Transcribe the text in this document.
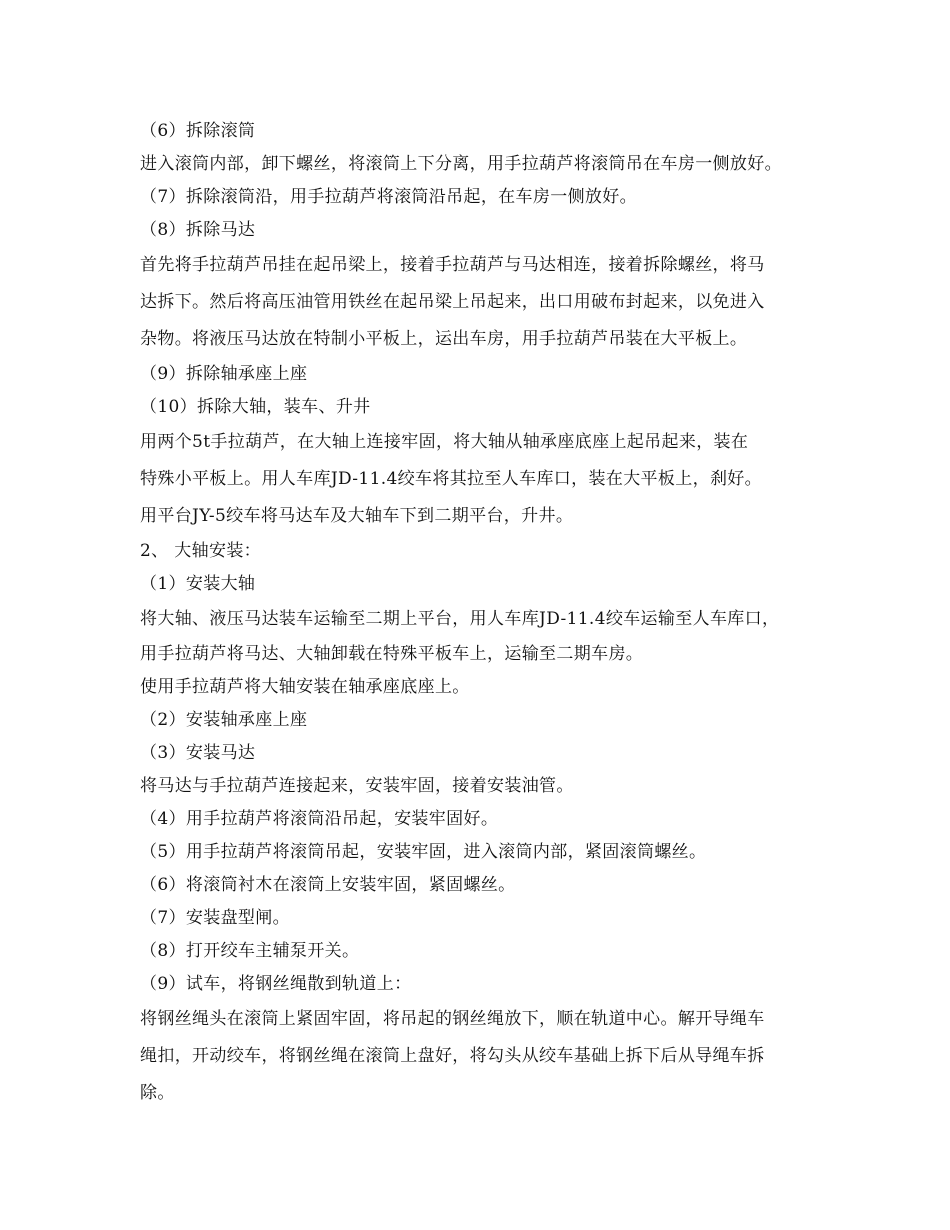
（6）拆除滚筒
进入滚筒内部，卸下螺丝，将滚筒上下分离，用手拉葫芦将滚筒吊在车房一侧放好。
（7）拆除滚筒沿，用手拉葫芦将滚筒沿吊起，在车房一侧放好。
（8）拆除马达
首先将手拉葫芦吊挂在起吊梁上，接着手拉葫芦与马达相连，接着拆除螺丝，将马
达拆下。然后将高压油管用铁丝在起吊梁上吊起来，出口用破布封起来，以免进入
杂物。将液压马达放在特制小平板上，运出车房，用手拉葫芦吊装在大平板上。
（9）拆除轴承座上座
（10）拆除大轴，装车、升井
用两个5t手拉葫芦，在大轴上连接牢固，将大轴从轴承座底座上起吊起来，装在
特殊小平板上。用人车库JD-11.4绞车将其拉至人车库口，装在大平板上，刹好。
用平台JY-5绞车将马达车及大轴车下到二期平台，升井。
2、 大轴安装：
（1）安装大轴
将大轴、液压马达装车运输至二期上平台，用人车库JD-11.4绞车运输至人车库口，
用手拉葫芦将马达、大轴卸载在特殊平板车上，运输至二期车房。
使用手拉葫芦将大轴安装在轴承座底座上。
（2）安装轴承座上座
（3）安装马达
将马达与手拉葫芦连接起来，安装牢固，接着安装油管。
（4）用手拉葫芦将滚筒沿吊起，安装牢固好。
（5）用手拉葫芦将滚筒吊起，安装牢固，进入滚筒内部，紧固滚筒螺丝。
（6）将滚筒衬木在滚筒上安装牢固，紧固螺丝。
（7）安装盘型闸。
（8）打开绞车主辅泵开关。
（9）试车，将钢丝绳散到轨道上：
将钢丝绳头在滚筒上紧固牢固，将吊起的钢丝绳放下，顺在轨道中心。解开导绳车
绳扣，开动绞车，将钢丝绳在滚筒上盘好，将勾头从绞车基础上拆下后从导绳车拆
除。
